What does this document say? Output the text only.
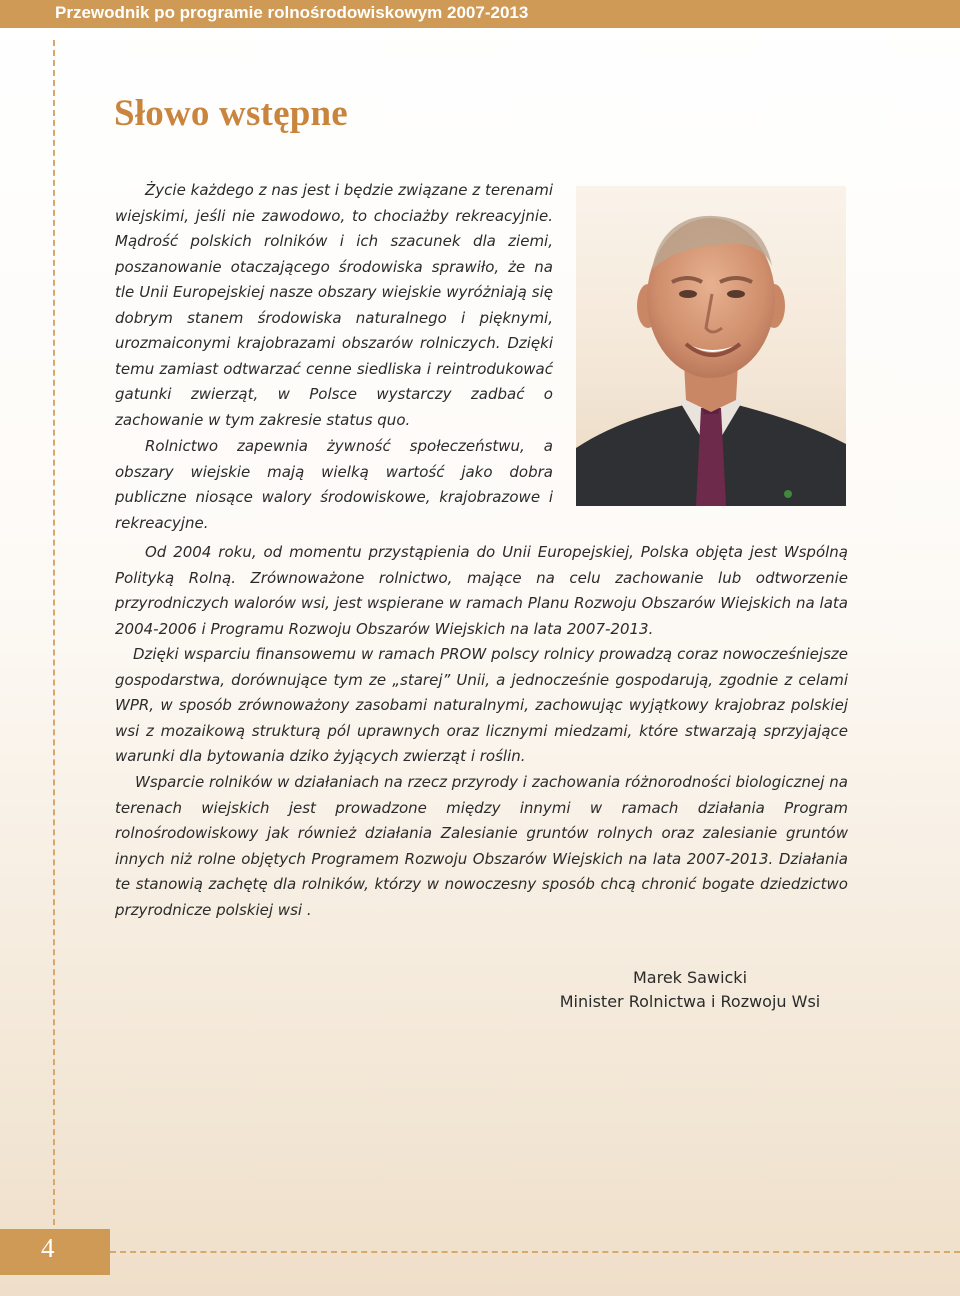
Przewodnik po programie rolnośrodowiskowym 2007-2013
Słowo wstępne

Życie każdego z nas jest i będzie związane z terenami wiejskimi, jeśli nie zawodowo, to chociażby rekreacyjnie. Mądrość polskich rolników i ich szacunek dla ziemi, poszanowanie otaczającego środowiska sprawiło, że na tle Unii Europejskiej nasze obszary wiejskie wyróżniają się dobrym stanem środowiska naturalnego i pięknymi, urozmaiconymi krajobrazami obszarów rolniczych. Dzięki temu zamiast odtwarzać cenne siedliska i reintrodukować gatunki zwierząt, w Polsce wystarczy zadbać o zachowanie w tym zakresie status quo.

Rolnictwo zapewnia żywność społeczeństwu, a obszary wiejskie mają wielką wartość jako dobra publiczne niosące walory środowiskowe, krajobrazowe i rekreacyjne.

Od 2004 roku, od momentu przystąpienia do Unii Europejskiej, Polska objęta jest Wspólną Polityką Rolną. Zrównoważone rolnictwo, mające na celu zachowanie lub odtworzenie przyrodniczych walorów wsi, jest wspierane w ramach Planu Rozwoju Obszarów Wiejskich na lata 2004-2006 i Programu Rozwoju Obszarów Wiejskich na lata 2007-2013.

Dzięki wsparciu finansowemu w ramach PROW polscy rolnicy prowadzą coraz nowocześniejsze gospodarstwa, dorównujące tym ze „starej” Unii, a jednocześnie gospodarują, zgodnie z celami WPR, w sposób zrównoważony zasobami naturalnymi, zachowując wyjątkowy krajobraz polskiej wsi z mozaikową strukturą pól uprawnych oraz licznymi miedzami, które stwarzają sprzyjające warunki dla bytowania dziko żyjących zwierząt i roślin.

Wsparcie rolników w działaniach na rzecz przyrody i zachowania różnorodności biologicznej na terenach wiejskich jest prowadzone między innymi w ramach działania Program rolnośrodowiskowy jak również działania Zalesianie gruntów rolnych oraz zalesianie gruntów innych niż rolne objętych Programem Rozwoju Obszarów Wiejskich na lata 2007-2013. Działania te stanowią zachętę dla rolników, którzy w nowoczesny sposób chcą chronić bogate dziedzictwo przyrodnicze polskiej wsi .

Marek Sawicki
Minister Rolnictwa i Rozwoju Wsi
4
